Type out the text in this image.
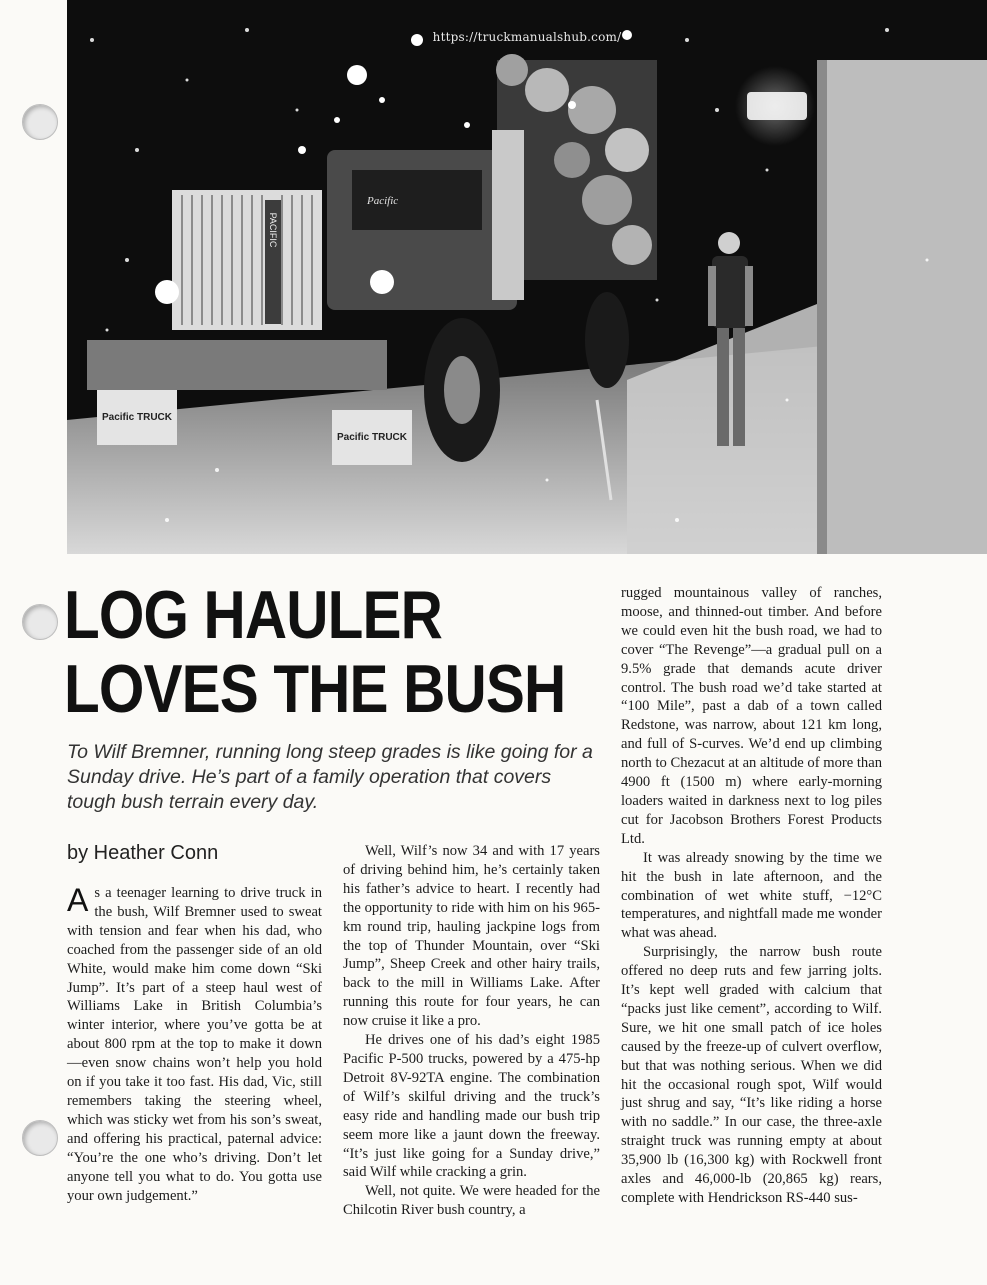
Pacific
PACIFIC
Pacific TRUCK
Pacific TRUCK
https://truckmanualshub.com/
LOG HAULER
LOVES THE BUSH
To Wilf Bremner, running long steep grades is like going for a Sunday drive. He’s part of a family operation that covers tough bush terrain every day.
by Heather Conn

As a teenager learning to drive truck in the bush, Wilf Bremner used to sweat with tension and fear when his dad, who coached from the passenger side of an old White, would make him come down “Ski Jump”. It’s part of a steep haul west of Williams Lake in British Columbia’s winter interior, where you’ve gotta be at about 800 rpm at the top to make it down—even snow chains won’t help you hold on if you take it too fast. His dad, Vic, still remembers taking the steering wheel, which was sticky wet from his son’s sweat, and offering his practical, paternal advice: “You’re the one who’s driving. Don’t let anyone tell you what to do. You gotta use your own judgement.”

Well, Wilf’s now 34 and with 17 years of driving behind him, he’s certainly taken his father’s advice to heart. I recently had the opportunity to ride with him on his 965-km round trip, hauling jackpine logs from the top of Thunder Mountain, over “Ski Jump”, Sheep Creek and other hairy trails, back to the mill in Williams Lake. After running this route for four years, he can now cruise it like a pro.

He drives one of his dad’s eight 1985 Pacific P-500 trucks, powered by a 475-hp Detroit 8V-92TA engine. The combination of Wilf’s skilful driving and the truck’s easy ride and handling made our bush trip seem more like a jaunt down the freeway. “It’s just like going for a Sunday drive,” said Wilf while cracking a grin.

Well, not quite. We were headed for the Chilcotin River bush country, a

rugged mountainous valley of ranches, moose, and thinned-out timber. And before we could even hit the bush road, we had to cover “The Revenge”—a gradual pull on a 9.5% grade that demands acute driver control. The bush road we’d take started at “100 Mile”, past a dab of a town called Redstone, was narrow, about 121 km long, and full of S-curves. We’d end up climbing north to Chezacut at an altitude of more than 4900 ft (1500 m) where early-morning loaders waited in darkness next to log piles cut for Jacobson Brothers Forest Products Ltd.

It was already snowing by the time we hit the bush in late afternoon, and the combination of wet white stuff, −12°C temperatures, and nightfall made me wonder what was ahead.

Surprisingly, the narrow bush route offered no deep ruts and few jarring jolts. It’s kept well graded with calcium that “packs just like cement”, according to Wilf. Sure, we hit one small patch of ice holes caused by the freeze-up of culvert overflow, but that was nothing serious. When we did hit the occasional rough spot, Wilf would just shrug and say, “It’s like riding a horse with no saddle.” In our case, the three-axle straight truck was running empty at about 35,900 lb (16,300 kg) with Rockwell front axles and 46,000-lb (20,865 kg) rears, complete with Hendrickson RS-440 sus-
